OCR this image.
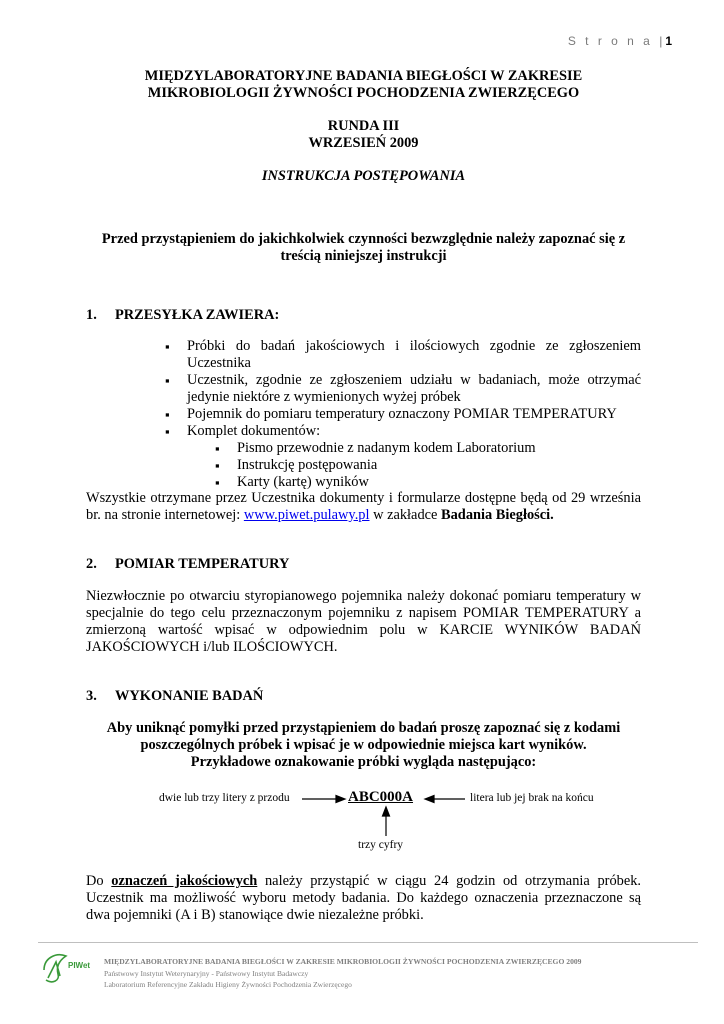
S t r o n a |1
MIĘDZYLABORATORYJNE BADANIA BIEGŁOŚCI W ZAKRESIE
MIKROBIOLOGII ŻYWNOŚCI POCHODZENIA ZWIERZĘCEGO
RUNDA III
WRZESIEŃ 2009
INSTRUKCJA POSTĘPOWANIA
Przed przystąpieniem do jakichkolwiek czynności bezwzględnie należy zapoznać się z
treścią niniejszej instrukcji
1. PRZESYŁKA ZAWIERA:
▪ Próbki do badań jakościowych i ilościowych zgodnie ze zgłoszeniem Uczestnika
▪ Uczestnik, zgodnie ze zgłoszeniem udziału w badaniach, może otrzymać jedynie niektóre z wymienionych wyżej próbek
▪ Pojemnik do pomiaru temperatury oznaczony POMIAR TEMPERATURY
▪ Komplet dokumentów:
▪ Pismo przewodnie z nadanym kodem Laboratorium
▪ Instrukcję postępowania
▪ Karty (kartę) wyników
Wszystkie otrzymane przez Uczestnika dokumenty i formularze dostępne będą od 29 września br. na stronie internetowej: www.piwet.pulawy.pl w zakładce Badania Biegłości.
2. POMIAR TEMPERATURY
Niezwłocznie po otwarciu styropianowego pojemnika należy dokonać pomiaru temperatury w specjalnie do tego celu przeznaczonym pojemniku z napisem POMIAR TEMPERATURY a zmierzoną wartość wpisać w odpowiednim polu w KARCIE WYNIKÓW BADAŃ JAKOŚCIOWYCH i/lub ILOŚCIOWYCH.
3. WYKONANIE BADAŃ
Aby uniknąć pomyłki przed przystąpieniem do badań proszę zapoznać się z kodami
poszczególnych próbek i wpisać je w odpowiednie miejsca kart wyników.
Przykładowe oznakowanie próbki wygląda następująco:
dwie lub trzy litery z przodu	ABC000A	litera lub jej brak na końcu
trzy cyfry
Do oznaczeń jakościowych należy przystąpić w ciągu 24 godzin od otrzymania próbek. Uczestnik ma możliwość wyboru metody badania. Do każdego oznaczenia przeznaczone są dwa pojemniki (A i B) stanowiące dwie niezależne próbki.
PIWet MIĘDZYLABORATORYJNE BADANIA BIEGŁOŚCI W ZAKRESIE MIKROBIOLOGII ŻYWNOŚCI POCHODZENIA ZWIERZĘCEGO 2009
Państwowy Instytut Weterynaryjny - Państwowy Instytut Badawczy
Laboratorium Referencyjne Zakładu Higieny Żywności Pochodzenia Zwierzęcego
